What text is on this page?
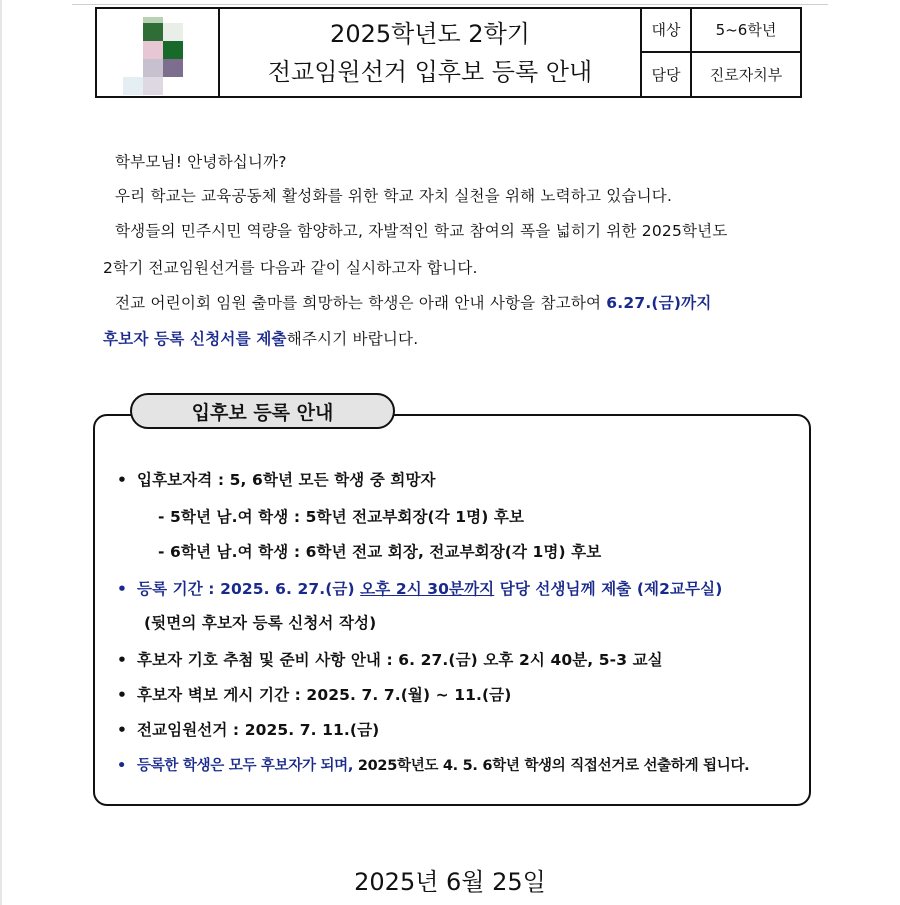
2025학년도 2학기
전교임원선거 입후보 등록 안내
대상	5~6학년
담당	진로자치부
학부모님! 안녕하십니까?
우리 학교는 교육공동체 활성화를 위한 학교 자치 실천을 위해 노력하고 있습니다.
학생들의 민주시민 역량을 함양하고, 자발적인 학교 참여의 폭을 넓히기 위한 2025학년도
2학기 전교임원선거를 다음과 같이 실시하고자 합니다.
전교 어린이회 임원 출마를 희망하는 학생은 아래 안내 사항을 참고하여 6.27.(금)까지
후보자 등록 신청서를 제출해주시기 바랍니다.
입후보 등록 안내
• 입후보자격 : 5, 6학년 모든 학생 중 희망자
- 5학년 남.여 학생 : 5학년 전교부회장(각 1명) 후보
- 6학년 남.여 학생 : 6학년 전교 회장, 전교부회장(각 1명) 후보
• 등록 기간 : 2025. 6. 27.(금) 오후 2시 30분까지 담당 선생님께 제출 (제2교무실)
(뒷면의 후보자 등록 신청서 작성)
• 후보자 기호 추첨 및 준비 사항 안내 : 6. 27.(금) 오후 2시 40분, 5-3 교실
• 후보자 벽보 게시 기간 : 2025. 7. 7.(월) ~ 11.(금)
• 전교임원선거 : 2025. 7. 11.(금)
• 등록한 학생은 모두 후보자가 되며, 2025학년도 4. 5. 6학년 학생의 직접선거로 선출하게 됩니다.
2025년 6월 25일
